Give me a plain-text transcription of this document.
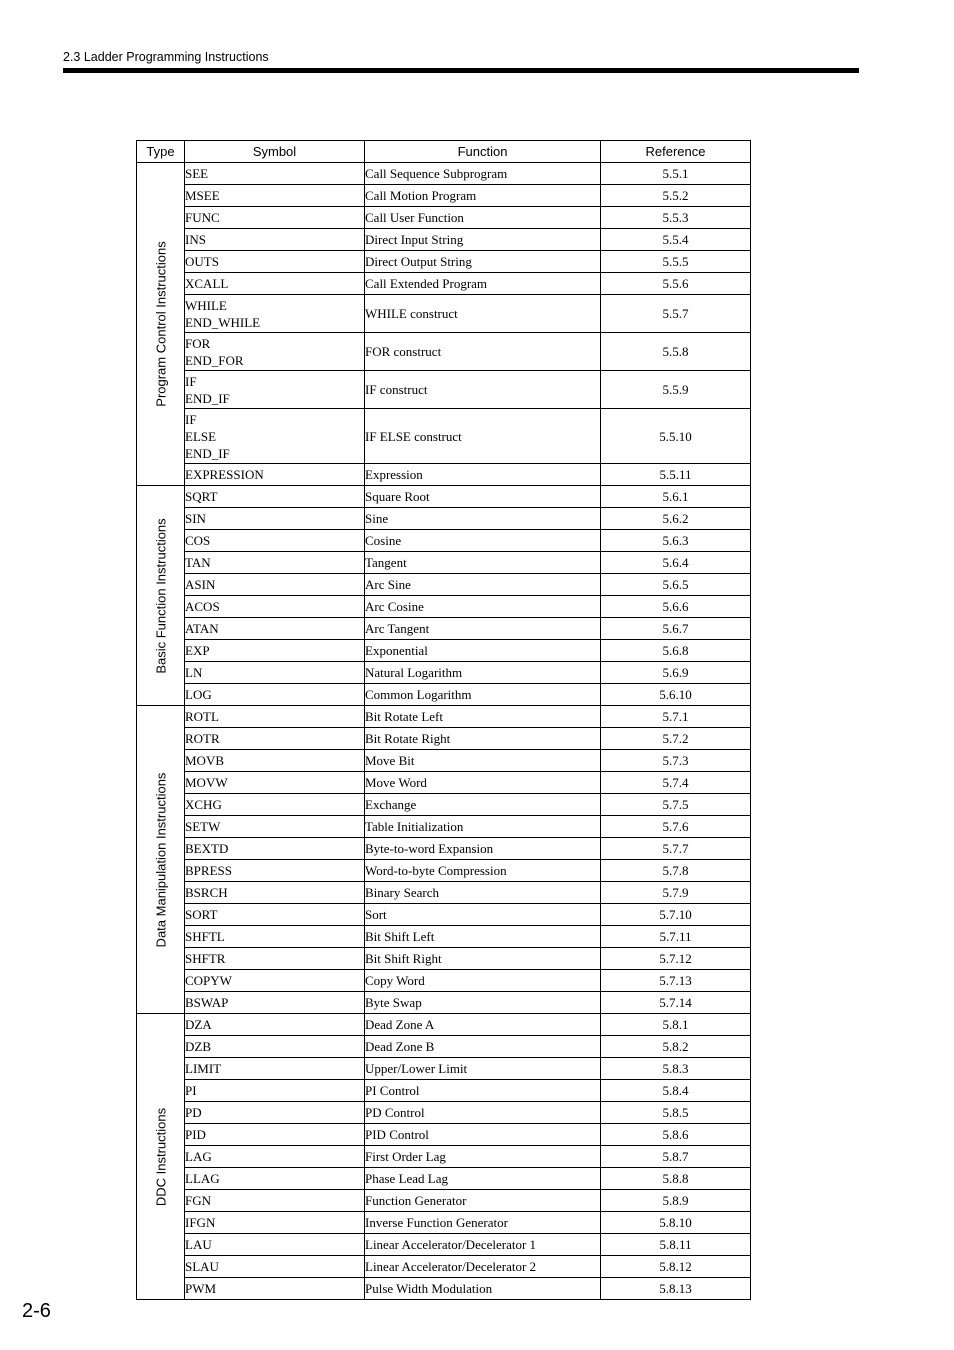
2.3 Ladder Programming Instructions
Type	Symbol	Function	Reference

Program Control Instructions	SEE	Call Sequence Subprogram	5.5.1

	MSEE	Call Motion Program	5.5.2

	FUNC	Call User Function	5.5.3

	INS	Direct Input String	5.5.4

	OUTS	Direct Output String	5.5.5

	XCALL	Call Extended Program	5.5.6

	WHILE
END_WHILE	WHILE construct	5.5.7

	FOR
END_FOR	FOR construct	5.5.8

	IF
END_IF	IF construct	5.5.9

	IF
ELSE
END_IF	IF ELSE construct	5.5.10

	EXPRESSION	Expression	5.5.11

Basic Function Instructions	SQRT	Square Root	5.6.1

	SIN	Sine	5.6.2

	COS	Cosine	5.6.3

	TAN	Tangent	5.6.4

	ASIN	Arc Sine	5.6.5

	ACOS	Arc Cosine	5.6.6

	ATAN	Arc Tangent	5.6.7

	EXP	Exponential	5.6.8

	LN	Natural Logarithm	5.6.9

	LOG	Common Logarithm	5.6.10

Data Manipulation Instructions	ROTL	Bit Rotate Left	5.7.1

	ROTR	Bit Rotate Right	5.7.2

	MOVB	Move Bit	5.7.3

	MOVW	Move Word	5.7.4

	XCHG	Exchange	5.7.5

	SETW	Table Initialization	5.7.6

	BEXTD	Byte-to-word Expansion	5.7.7

	BPRESS	Word-to-byte Compression	5.7.8

	BSRCH	Binary Search	5.7.9

	SORT	Sort	5.7.10

	SHFTL	Bit Shift Left	5.7.11

	SHFTR	Bit Shift Right	5.7.12

	COPYW	Copy Word	5.7.13

	BSWAP	Byte Swap	5.7.14

DDC Instructions	DZA	Dead Zone A	5.8.1

	DZB	Dead Zone B	5.8.2

	LIMIT	Upper/Lower Limit	5.8.3

	PI	PI Control	5.8.4

	PD	PD Control	5.8.5

	PID	PID Control	5.8.6

	LAG	First Order Lag	5.8.7

	LLAG	Phase Lead Lag	5.8.8

	FGN	Function Generator	5.8.9

	IFGN	Inverse Function Generator	5.8.10

	LAU	Linear Accelerator/Decelerator 1	5.8.11

	SLAU	Linear Accelerator/Decelerator 2	5.8.12

	PWM	Pulse Width Modulation	5.8.13
2-6
